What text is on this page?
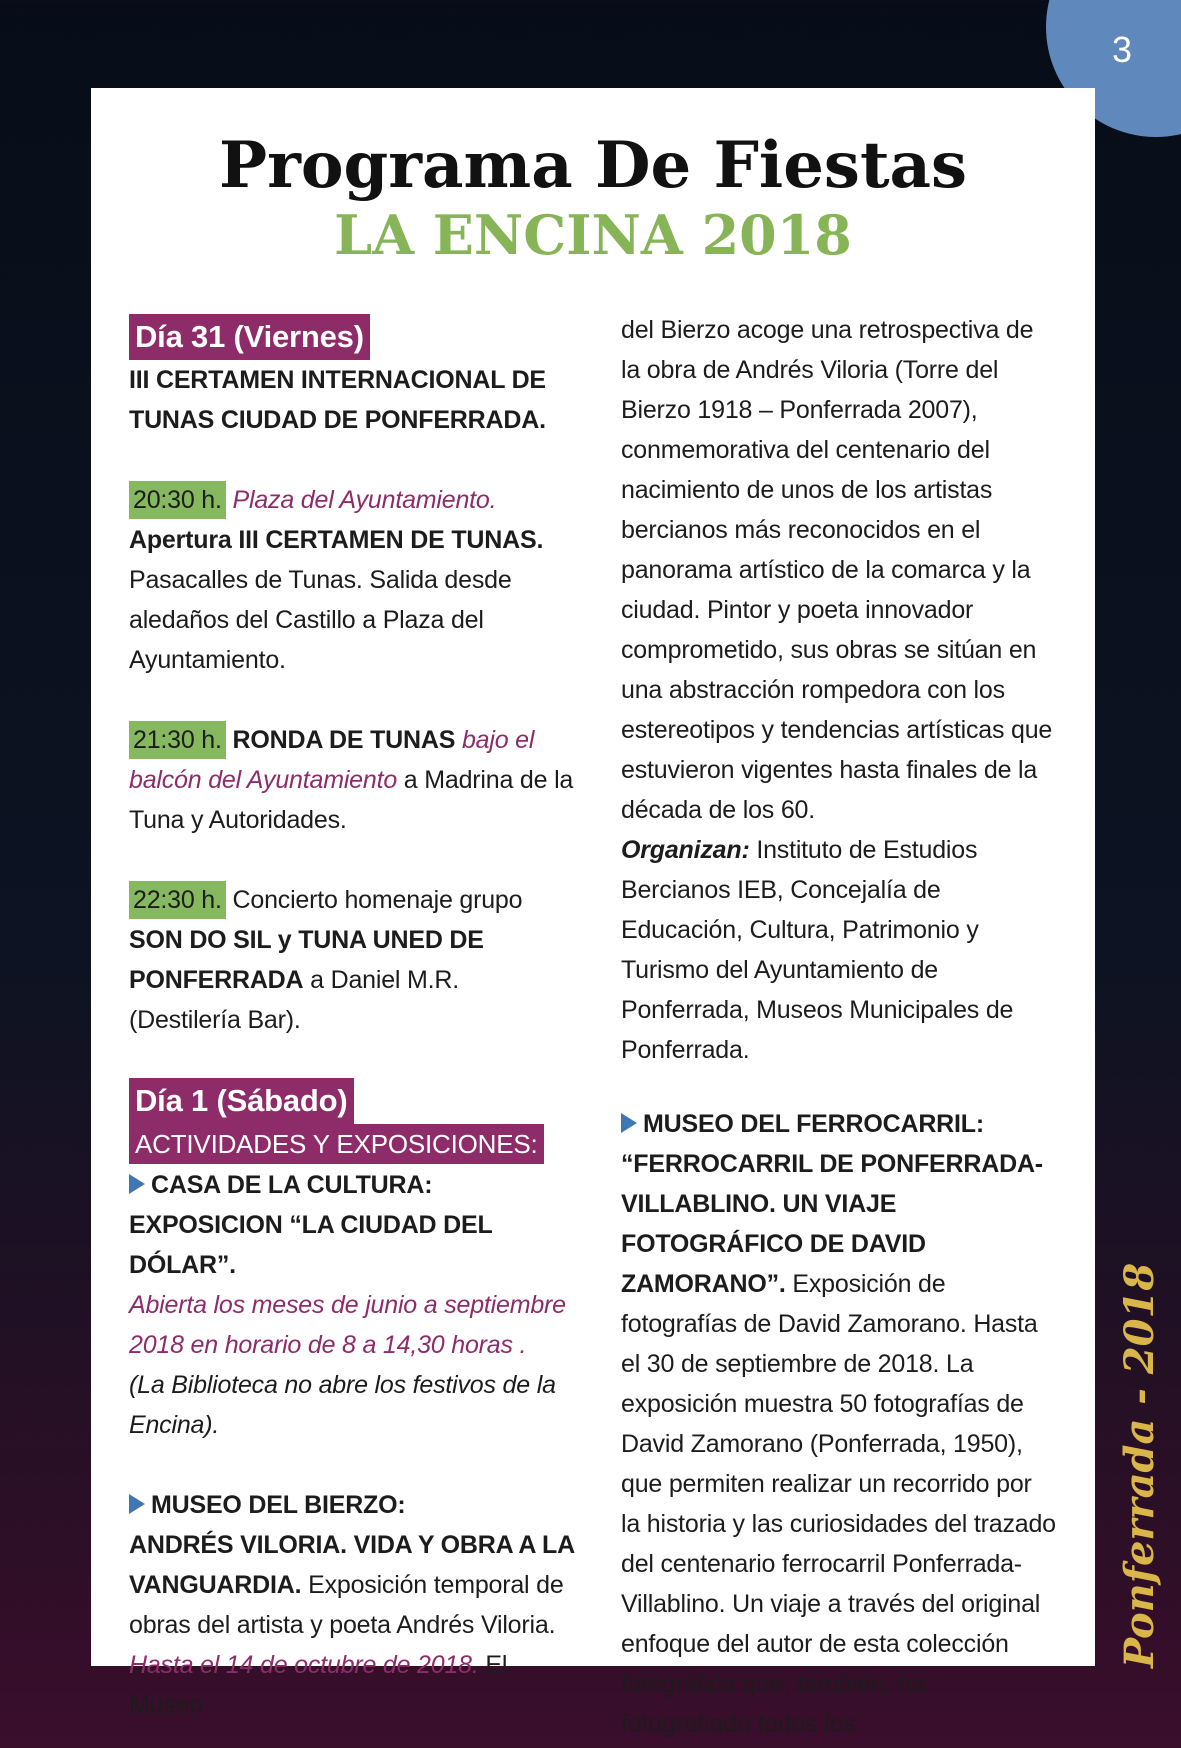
3
Ponferrada - 2018
Programa De Fiestas
LA ENCINA 2018
Día 31 (Viernes)

III CERTAMEN INTERNACIONAL DE TUNAS CIUDAD DE PONFERRADA.

20:30 h. Plaza del Ayuntamiento.
Apertura III CERTAMEN DE TUNAS.
Pasacalles de Tunas. Salida desde aledaños del Castillo a Plaza del Ayuntamiento.

21:30 h. RONDA DE TUNAS bajo el balcón del Ayuntamiento a Madrina de la Tuna y Autoridades.

22:30 h. Concierto homenaje grupo SON DO SIL y TUNA UNED DE PONFERRADA a Daniel M.R. (Destilería Bar).

Día 1 (Sábado)
ACTIVIDADES Y EXPOSICIONES:

CASA DE LA CULTURA:
EXPOSICION “LA CIUDAD DEL DÓLAR”.
Abierta los meses de junio a septiembre 2018 en horario de 8 a 14,30 horas .
(La Biblioteca no abre los festivos de la Encina).

MUSEO DEL BIERZO:
ANDRÉS VILORIA. VIDA Y OBRA A LA VANGUARDIA. Exposición temporal de obras del artista y poeta Andrés Viloria. Hasta el 14 de octubre de 2018. El Museo

del Bierzo acoge una retrospectiva de la obra de Andrés Viloria (Torre del Bierzo 1918 – Ponferrada 2007), conmemorativa del centenario del nacimiento de unos de los artistas bercianos más reconocidos en el panorama artístico de la comarca y la ciudad. Pintor y poeta innovador comprometido, sus obras se sitúan en una abstracción rompedora con los estereotipos y tendencias artísticas que estuvieron vigentes hasta finales de la década de los 60.

Organizan: Instituto de Estudios Bercianos IEB, Concejalía de Educación, Cultura, Patrimonio y Turismo del Ayuntamiento de Ponferrada, Museos Municipales de Ponferrada.

MUSEO DEL FERROCARRIL:
“FERROCARRIL DE PONFERRADA-VILLABLINO. UN VIAJE FOTOGRÁFICO DE DAVID ZAMORANO”. Exposición de fotografías de David Zamorano. Hasta el 30 de septiembre de 2018. La exposición muestra 50 fotografías de David Zamorano (Ponferrada, 1950), que permiten realizar un recorrido por la historia y las curiosidades del trazado del centenario ferrocarril Ponferrada-Villablino. Un viaje a través del original enfoque del autor de esta colección fotográfica que, también, ha fotografiado todos los
